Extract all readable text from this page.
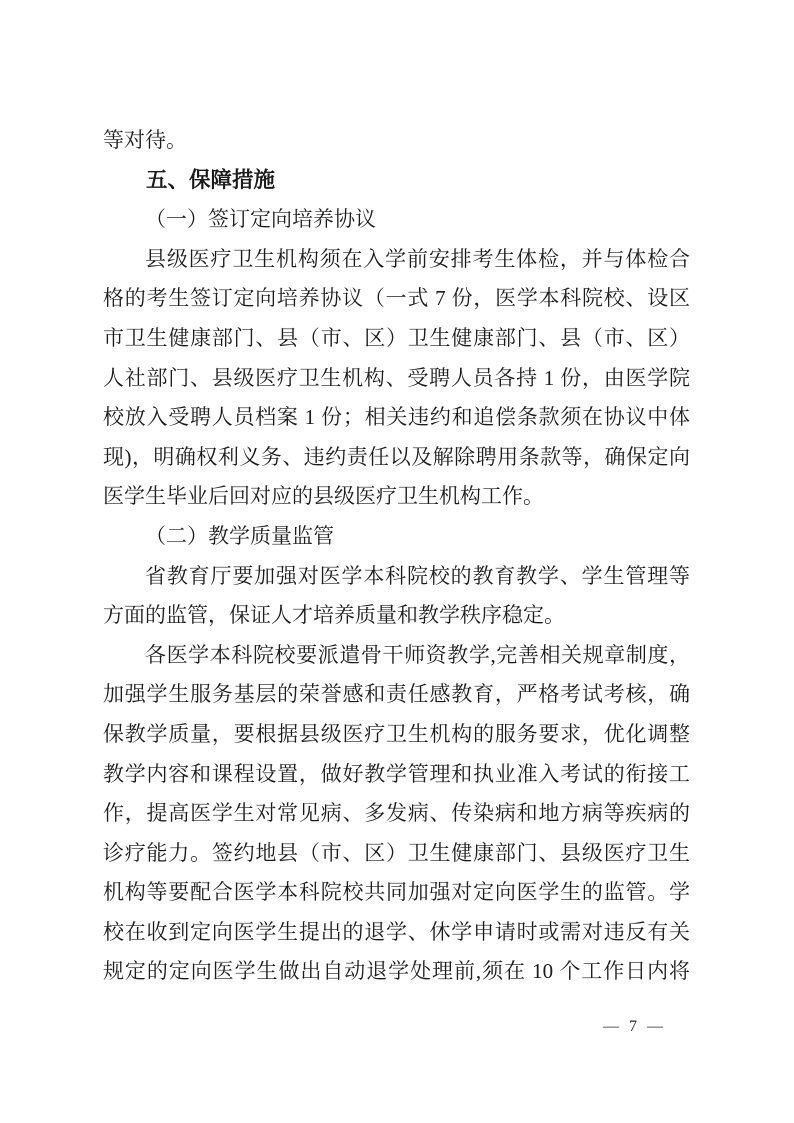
等对待。
五、保障措施
（一）签订定向培养协议
县级医疗卫生机构须在入学前安排考生体检，并与体检合
格的考生签订定向培养协议（一式 7 份，医学本科院校、设区
市卫生健康部门、县（市、区）卫生健康部门、县（市、区）
人社部门、县级医疗卫生机构、受聘人员各持 1 份，由医学院
校放入受聘人员档案 1 份；相关违约和追偿条款须在协议中体
现)，明确权利义务、违约责任以及解除聘用条款等，确保定向
医学生毕业后回对应的县级医疗卫生机构工作。
（二）教学质量监管
省教育厅要加强对医学本科院校的教育教学、学生管理等
方面的监管，保证人才培养质量和教学秩序稳定。
各医学本科院校要派遣骨干师资教学,完善相关规章制度，
加强学生服务基层的荣誉感和责任感教育，严格考试考核，确
保教学质量，要根据县级医疗卫生机构的服务要求，优化调整
教学内容和课程设置，做好教学管理和执业准入考试的衔接工
作，提高医学生对常见病、多发病、传染病和地方病等疾病的
诊疗能力。签约地县（市、区）卫生健康部门、县级医疗卫生
机构等要配合医学本科院校共同加强对定向医学生的监管。学
校在收到定向医学生提出的退学、休学申请时或需对违反有关
规定的定向医学生做出自动退学处理前,须在 10 个工作日内将
— 7 —
